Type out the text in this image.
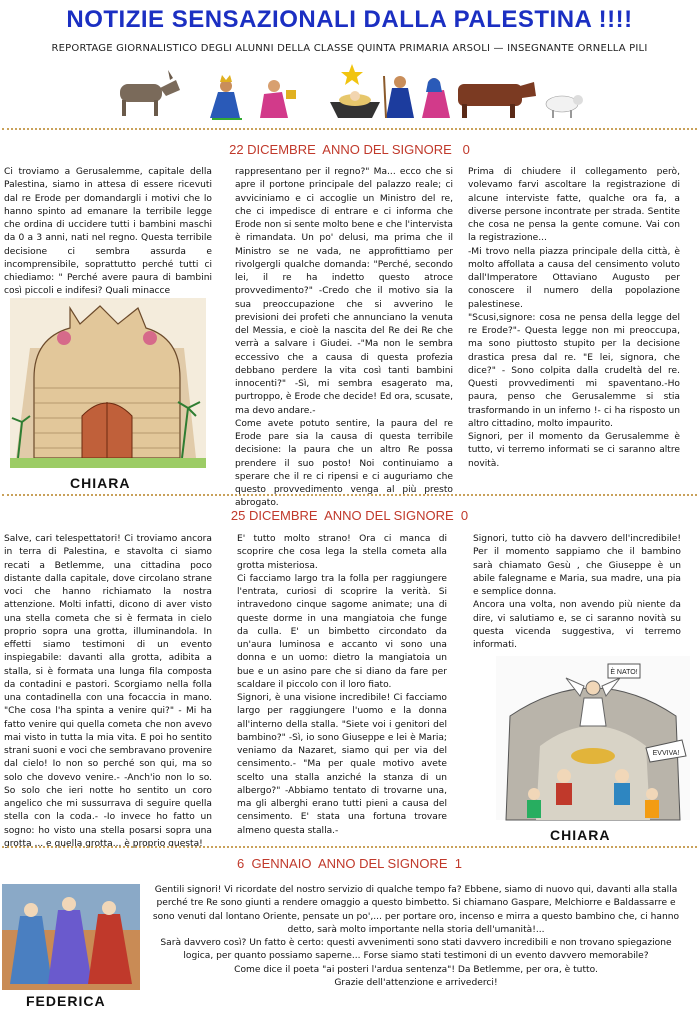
NOTIZIE SENSAZIONALI DALLA PALESTINA !!!!
REPORTAGE GIORNALISTICO DEGLI ALUNNI DELLA CLASSE QUINTA PRIMARIA ARSOLI — INSEGNANTE ORNELLA PILI
22 DICEMBRE  ANNO DEL SIGNORE   0

Ci troviamo a Gerusalemme, capitale della Palestina, siamo in attesa di essere ricevuti dal re Erode per domandargli i motivi che lo hanno spinto ad emanare la terribile legge che ordina di uccidere tutti i bambini maschi da 0 a 3 anni, nati nel regno. Questa terribile decisione ci sembra assurda e incomprensibile, soprattutto perché tutti ci chiediamo: " Perché avere paura di bambini così piccoli e indifesi? Quali minacce

CHIARA

rappresentano per il regno?" Ma... ecco che si apre il portone principale del palazzo reale; ci avviciniamo e ci accoglie un Ministro del re, che ci impedisce di entrare e ci informa che Erode non si sente molto bene e che l'intervista è rimandata. Un po' delusi, ma prima che il Ministro se ne vada, ne approfittiamo per rivolgergli qualche domanda: "Perché, secondo lei, il re ha indetto questo atroce provvedimento?" -Credo che il motivo sia la sua preoccupazione che si avverino le previsioni dei profeti che annunciano la venuta del Messia, e cioè la nascita del Re dei Re che verrà a salvare i Giudei. -"Ma non le sembra eccessivo che a causa di questa profezia debbano perdere la vita così tanti bambini innocenti?" -Sì, mi sembra esagerato ma, purtroppo, è Erode che decide! Ed ora, scusate, ma devo andare.-
Come avete potuto sentire, la paura del re Erode pare sia la causa di questa terribile decisione: la paura che un altro Re possa prendere il suo posto! Noi continuiamo a sperare che il re ci ripensi e ci auguriamo che questo provvedimento venga al più presto abrogato.

Prima di chiudere il collegamento però, volevamo farvi ascoltare la registrazione di alcune interviste fatte, qualche ora fa, a diverse persone incontrate per strada. Sentite che cosa ne pensa la gente comune. Vai con la registrazione...
-Mi trovo nella piazza principale della città, è molto affollata a causa del censimento voluto dall'Imperatore Ottaviano Augusto per conoscere il numero della popolazione palestinese.
"Scusi,signore: cosa ne pensa della legge del re Erode?"- Questa legge non mi preoccupa, ma sono piuttosto stupito per la decisione drastica presa dal re. "E lei, signora, che dice?" - Sono colpita dalla crudeltà del re. Questi provvedimenti mi spaventano.-Ho paura, penso che Gerusalemme si stia trasformando in un inferno !- ci ha risposto un altro cittadino, molto impaurito.
Signori, per il momento da Gerusalemme è tutto, vi terremo informati se ci saranno altre novità.

25 DICEMBRE  ANNO DEL SIGNORE  0

Salve, cari telespettatori! Ci troviamo ancora in terra di Palestina, e stavolta ci siamo recati a Betlemme, una cittadina poco distante dalla capitale, dove circolano strane voci che hanno richiamato la nostra attenzione. Molti infatti, dicono di aver visto una stella cometa che si è fermata in cielo proprio sopra una grotta, illuminandola. In effetti siamo testimoni di un evento inspiegabile: davanti alla grotta, adibita a stalla, si è formata una lunga fila composta da contadini e pastori. Scorgiamo nella folla una contadinella con una focaccia in mano. "Che cosa l'ha spinta a venire qui?" - Mi ha fatto venire qui quella cometa che non avevo mai visto in tutta la mia vita. E poi ho sentito strani suoni e voci che sembravano provenire dal cielo! Io non so perché son qui, ma so solo che dovevo venire.- -Anch'io non lo so. So solo che ieri notte ho sentito un coro angelico che mi sussurrava di seguire quella stella con la coda.- -Io invece ho fatto un sogno: ho visto una stella posarsi sopra una grotta ... e quella grotta... è proprio questa!

E' tutto molto strano! Ora ci manca di scoprire che cosa lega la stella cometa alla grotta misteriosa.
Ci facciamo largo tra la folla per raggiungere l'entrata, curiosi di scoprire la verità. Si intravedono cinque sagome animate; una di queste dorme in una mangiatoia che funge da culla. E' un bimbetto circondato da un'aura luminosa e accanto vi sono una donna e un uomo: dietro la mangiatoia un bue e un asino pare che si diano da fare per scaldare il piccolo con il loro fiato.
Signori, è una visione incredibile! Ci facciamo largo per raggiungere l'uomo e la donna all'interno della stalla. "Siete voi i genitori del bambino?" -Sì, io sono Giuseppe e lei è Maria; veniamo da Nazaret, siamo qui per via del censimento.- "Ma per quale motivo avete scelto una stalla anziché la stanza di un albergo?" -Abbiamo tentato di trovarne una, ma gli alberghi erano tutti pieni a causa del censimento. E' stata una fortuna trovare almeno questa stalla.-

Signori, tutto ciò ha davvero dell'incredibile! Per il momento sappiamo che il bambino sarà chiamato Gesù , che Giuseppe è un abile falegname e Maria, sua madre, una pia e semplice donna.
Ancora una volta, non avendo più niente da dire, vi salutiamo e, se ci saranno novità su questa vicenda suggestiva, vi terremo informati.

È NATO!
EVVIVA!
CHIARA
6  GENNAIO  ANNO DEL SIGNORE  1
FEDERICA
Gentili signori! Vi ricordate del nostro servizio di qualche tempo fa? Ebbene, siamo di nuovo qui, davanti alla stalla perché tre Re sono giunti a rendere omaggio a questo bimbetto. Si chiamano Gaspare, Melchiorre e Baldassarre e sono venuti dal lontano Oriente, pensate un po',... per portare oro, incenso e mirra a questo bambino che, ci hanno detto, sarà molto importante nella storia dell'umanità!...
Sarà davvero così? Un fatto è certo: questi avvenimenti sono stati davvero incredibili e non trovano spiegazione logica, per quanto possiamo saperne... Forse siamo stati testimoni di un evento davvero memorabile?
Come dice il poeta "ai posteri l'ardua sentenza"! Da Betlemme, per ora, è tutto.
Grazie dell'attenzione e arrivederci!
